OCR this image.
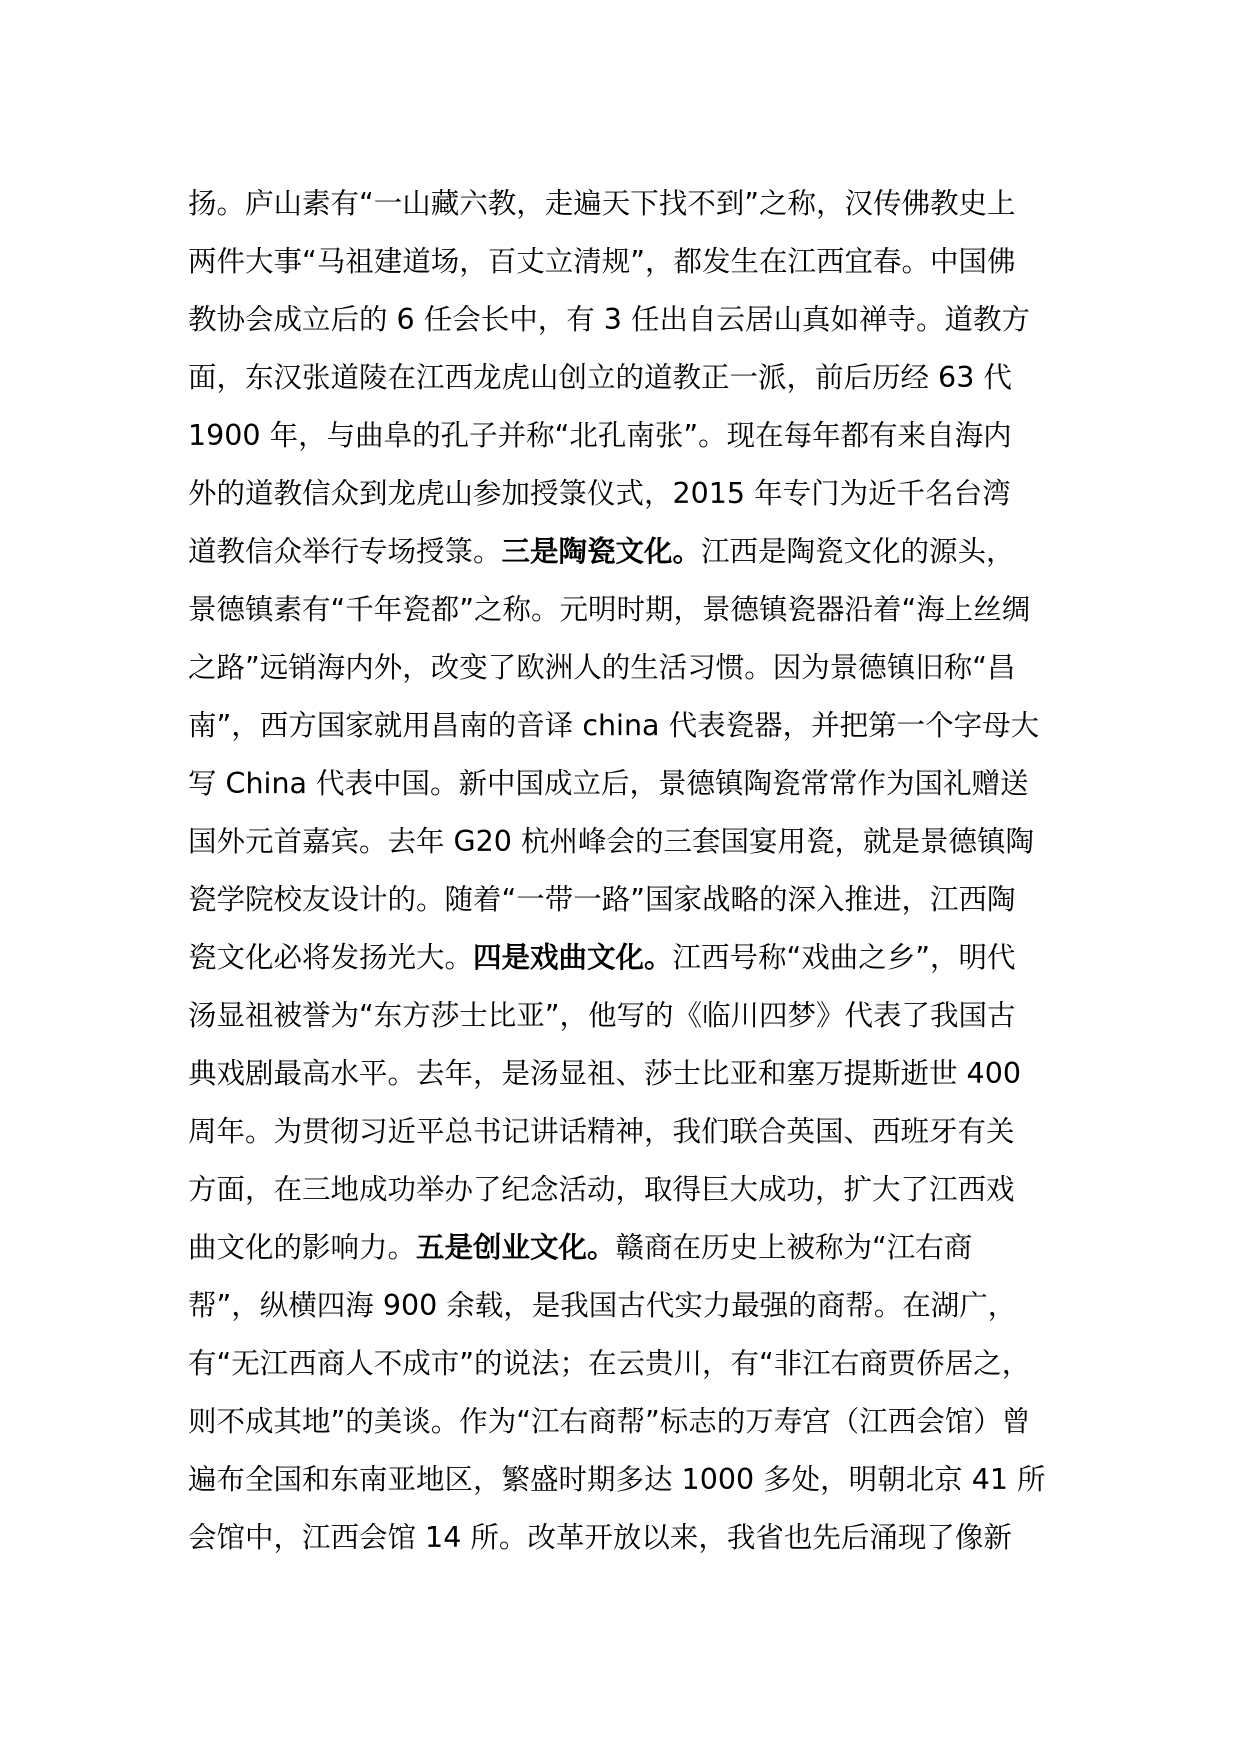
扬。庐山素有“一山藏六教，走遍天下找不到”之称，汉传佛教史上
两件大事“马祖建道场，百丈立清规”，都发生在江西宜春。中国佛
教协会成立后的 6 任会长中，有 3 任出自云居山真如禅寺。道教方
面，东汉张道陵在江西龙虎山创立的道教正一派，前后历经 63 代
1900 年，与曲阜的孔子并称“北孔南张”。现在每年都有来自海内
外的道教信众到龙虎山参加授箓仪式，2015 年专门为近千名台湾
道教信众举行专场授箓。三是陶瓷文化。江西是陶瓷文化的源头，
景德镇素有“千年瓷都”之称。元明时期，景德镇瓷器沿着“海上丝绸
之路”远销海内外，改变了欧洲人的生活习惯。因为景德镇旧称“昌
南”，西方国家就用昌南的音译 china 代表瓷器，并把第一个字母大
写 China 代表中国。新中国成立后，景德镇陶瓷常常作为国礼赠送
国外元首嘉宾。去年 G20 杭州峰会的三套国宴用瓷，就是景德镇陶
瓷学院校友设计的。随着“一带一路”国家战略的深入推进，江西陶
瓷文化必将发扬光大。四是戏曲文化。江西号称“戏曲之乡”，明代
汤显祖被誉为“东方莎士比亚”，他写的《临川四梦》代表了我国古
典戏剧最高水平。去年，是汤显祖、莎士比亚和塞万提斯逝世 400
周年。为贯彻习近平总书记讲话精神，我们联合英国、西班牙有关
方面，在三地成功举办了纪念活动，取得巨大成功，扩大了江西戏
曲文化的影响力。五是创业文化。赣商在历史上被称为“江右商
帮”，纵横四海 900 余载，是我国古代实力最强的商帮。在湖广，
有“无江西商人不成市”的说法；在云贵川，有“非江右商贾侨居之，
则不成其地”的美谈。作为“江右商帮”标志的万寿宫（江西会馆）曾
遍布全国和东南亚地区，繁盛时期多达 1000 多处，明朝北京 41 所
会馆中，江西会馆 14 所。改革开放以来，我省也先后涌现了像新
